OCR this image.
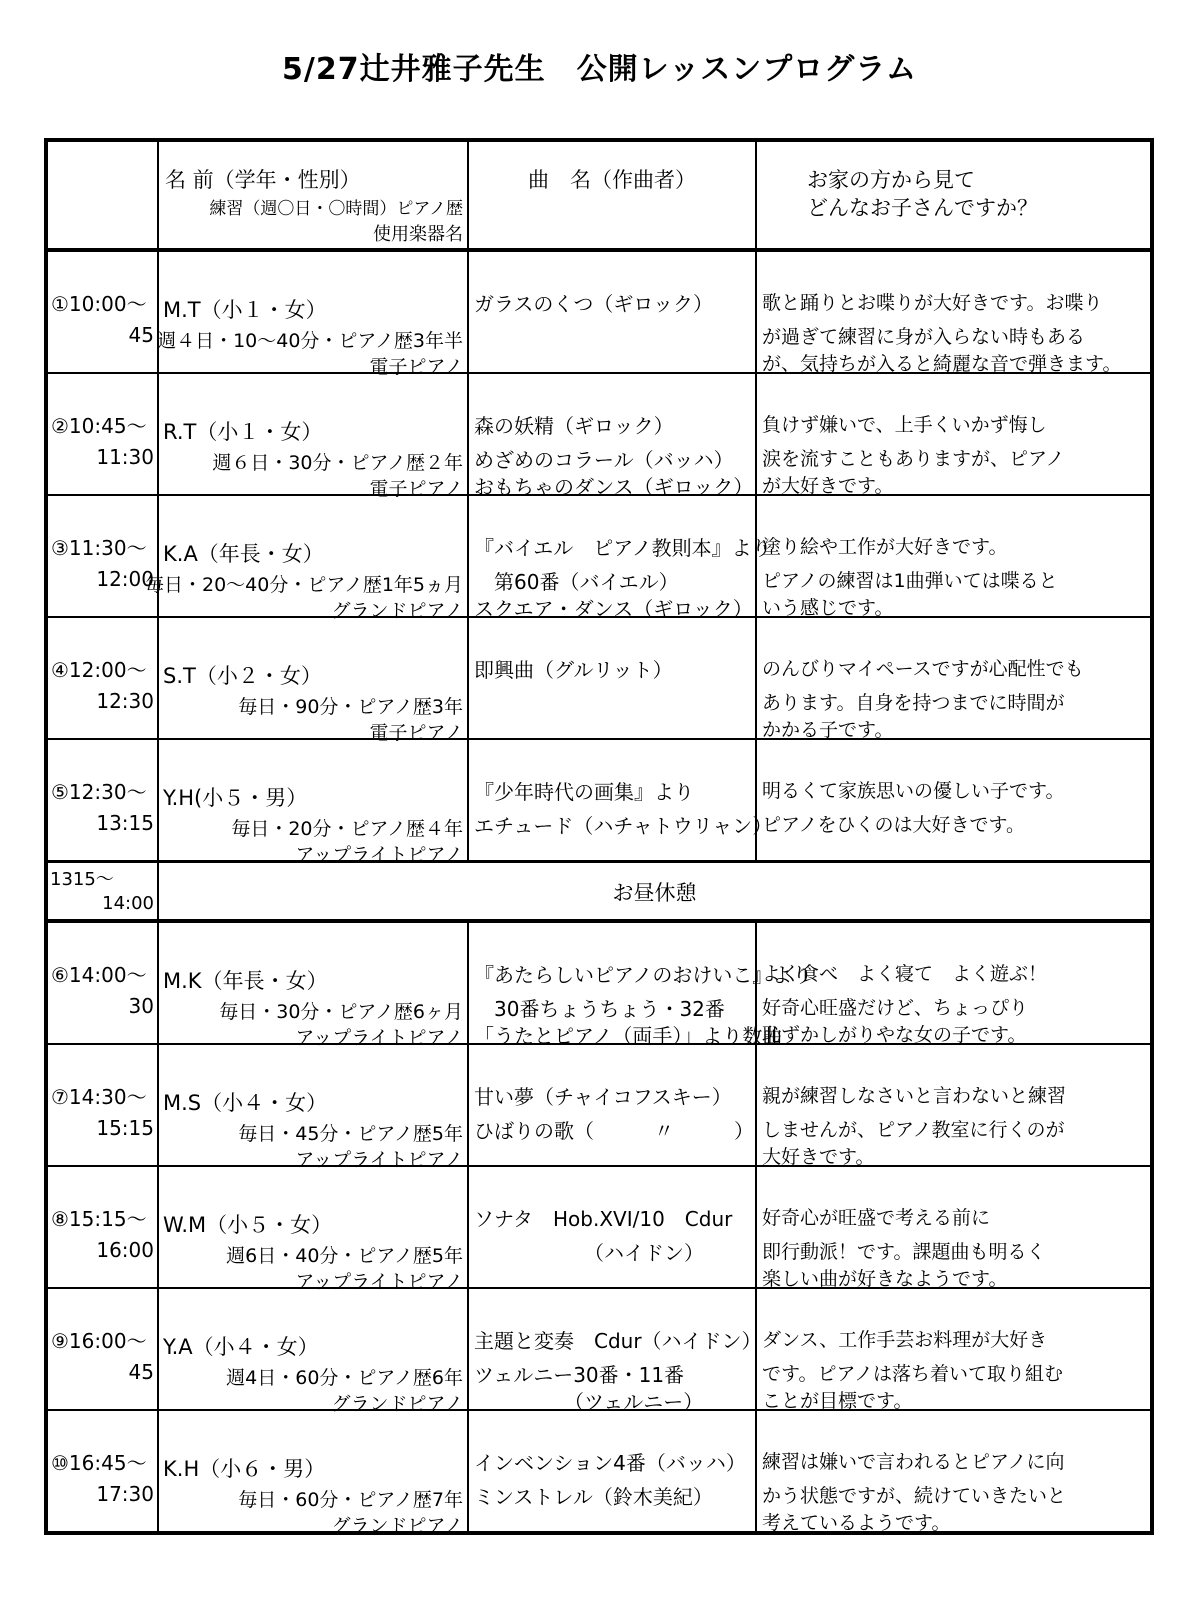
5/27辻井雅子先生　公開レッスンプログラム

	名 前（学年・性別）
練習（週〇日・〇時間）ピアノ歴
使用楽器名	曲　名（作曲者）	お家の方から見て
どんなお子さんですか？

①10:00～
45	M.T（小１・女）
週４日・10～40分・ピアノ歴3年半
電子ピアノ	ガラスのくつ（ギロック）	歌と踊りとお喋りが大好きです。お喋り
が過ぎて練習に身が入らない時もある
が、気持ちが入ると綺麗な音で弾きます。

②10:45～
11:30	R.T（小１・女）
週６日・30分・ピアノ歴２年
電子ピアノ	森の妖精（ギロック）
めざめのコラール（バッハ）
おもちゃのダンス（ギロック）	負けず嫌いで、上手くいかず悔し
涙を流すこともありますが、ピアノ
が大好きです。

③11:30～
12:00	K.A（年長・女）
毎日・20～40分・ピアノ歴1年5ヵ月
グランドピアノ	『バイエル　ピアノ教則本』より
　第60番（バイエル）
スクエア・ダンス（ギロック）	塗り絵や工作が大好きです。
ピアノの練習は1曲弾いては喋ると
いう感じです。

④12:00～
12:30	S.T（小２・女）
毎日・90分・ピアノ歴3年
電子ピアノ	即興曲（グルリット）	のんびりマイペースですが心配性でも
あります。自身を持つまでに時間が
かかる子です。

⑤12:30～
13:15	Y.H(小５・男）
毎日・20分・ピアノ歴４年
アップライトピアノ	『少年時代の画集』より
エチュード（ハチャトウリャン）	明るくて家族思いの優しい子です。
ピアノをひくのは大好きです。

1315～
14:00	お昼休憩		

⑥14:00～
30	M.K（年長・女）
毎日・30分・ピアノ歴6ヶ月
アップライトピアノ	『あたらしいピアノのおけいこ』より
　30番ちょうちょう・32番
「うたとピアノ（両手）」より数曲	よく食べ　よく寝て　よく遊ぶ！
好奇心旺盛だけど、ちょっぴり
恥ずかしがりやな女の子です。

⑦14:30～
15:15	M.S（小４・女）
毎日・45分・ピアノ歴5年
アップライトピアノ	甘い夢（チャイコフスキー）
ひばりの歌（　　　〃　　　）	親が練習しなさいと言わないと練習
しませんが、ピアノ教室に行くのが
大好きです。

⑧15:15～
16:00	W.M（小５・女）
週6日・40分・ピアノ歴5年
アップライトピアノ	ソナタ　Hob.XVI/10　Cdur
　　　　　　（ハイドン）	好奇心が旺盛で考える前に
即行動派！です。課題曲も明るく
楽しい曲が好きなようです。

⑨16:00～
45	Y.A（小４・女）
週4日・60分・ピアノ歴6年
グランドピアノ	主題と変奏　Cdur（ハイドン）
ツェルニー30番・11番
　　　　　（ツェルニー）	ダンス、工作手芸お料理が大好き
です。ピアノは落ち着いて取り組む
ことが目標です。

⑩16:45～
17:30	K.H（小６・男）
毎日・60分・ピアノ歴7年
グランドピアノ	インベンション4番（バッハ）
ミンストレル（鈴木美紀）	練習は嫌いで言われるとピアノに向
かう状態ですが、続けていきたいと
考えているようです。
